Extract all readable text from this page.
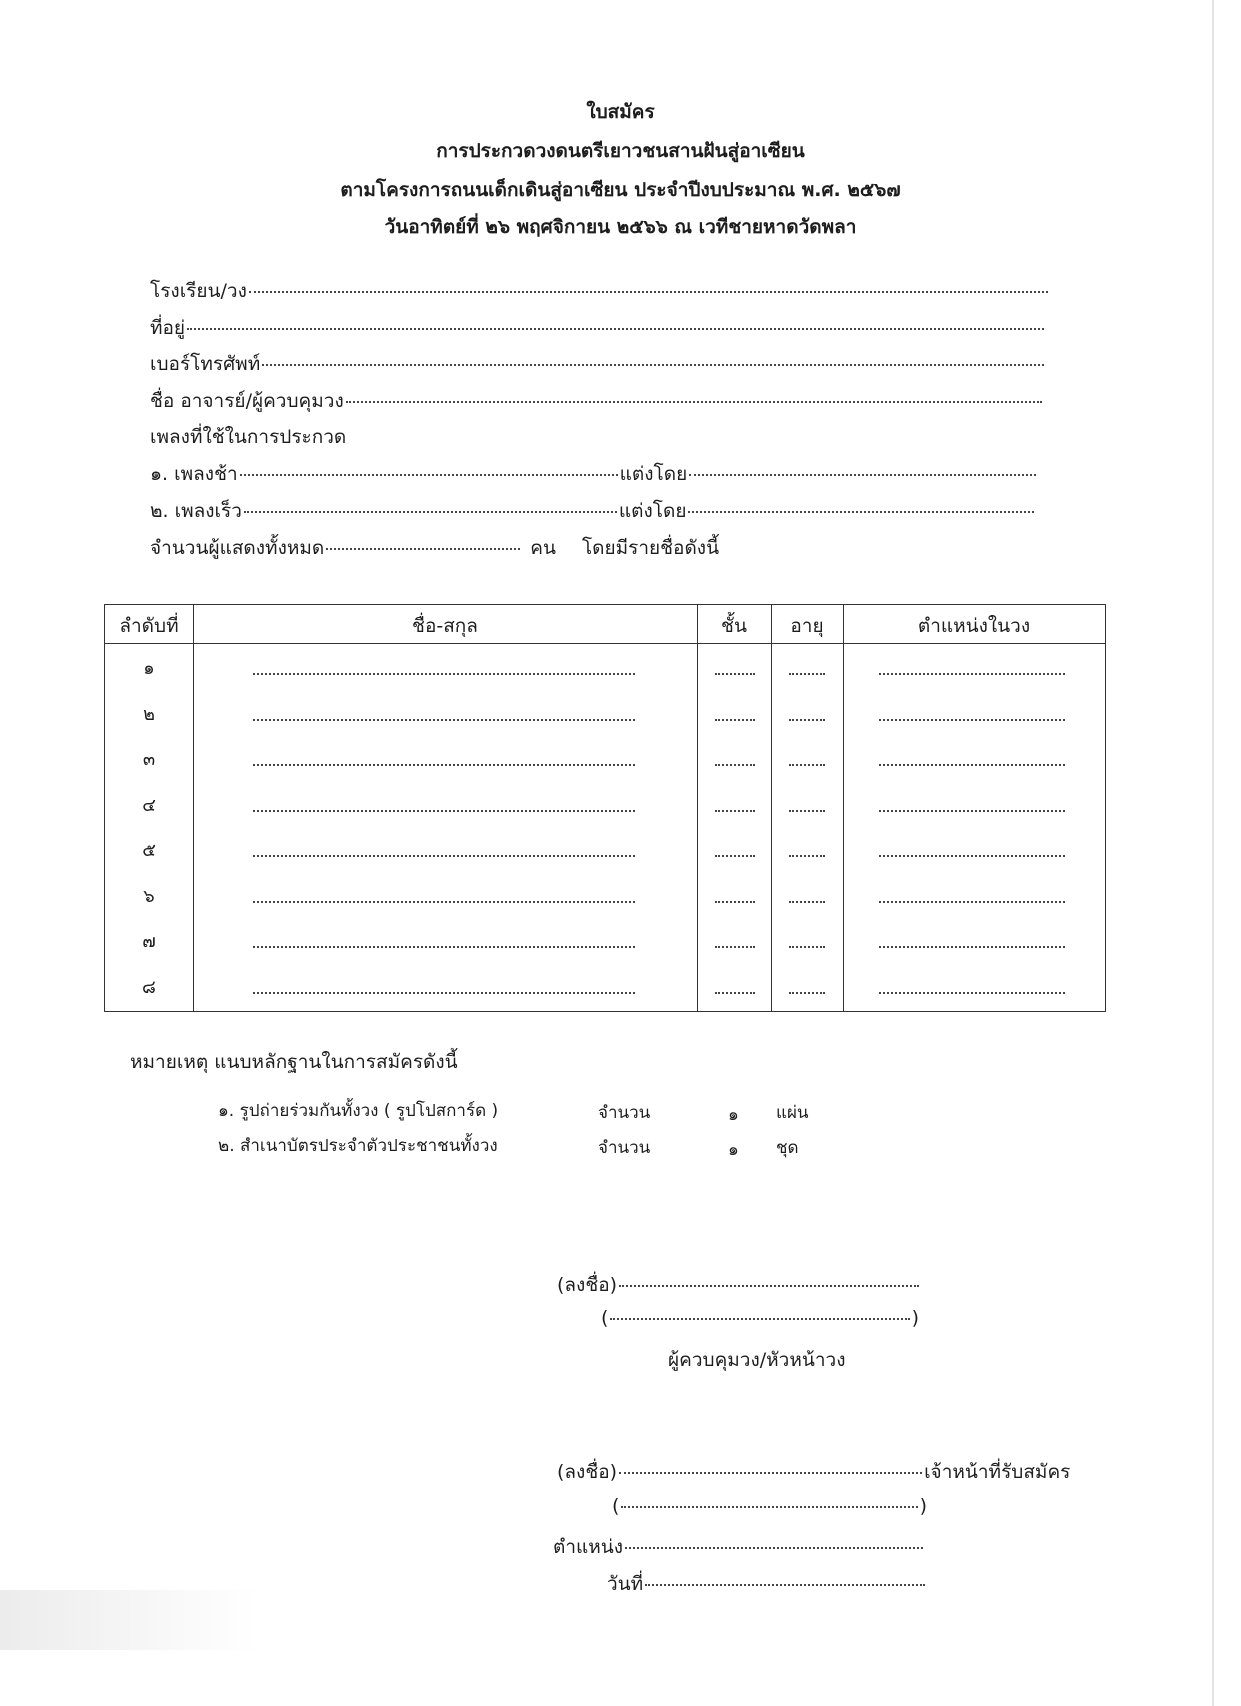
ใบสมัคร
การประกวดวงดนตรีเยาวชนสานฝันสู่อาเซียน
ตามโครงการถนนเด็กเดินสู่อาเซียน ประจำปีงบประมาณ พ.ศ. ๒๕๖๗
วันอาทิตย์ที่ ๒๖ พฤศจิกายน ๒๕๖๖ ณ เวทีชายหาดวัดพลา
โรงเรียน/วง
ที่อยู่
เบอร์โทรศัพท์
ชื่อ อาจารย์/ผู้ควบคุมวง
เพลงที่ใช้ในการประกวด
๑. เพลงช้า	แต่งโดย
๒. เพลงเร็ว	แต่งโดย
จำนวนผู้แสดงทั้งหมด	คน โดยมีรายชื่อดังนี้
ลำดับที่	ชื่อ-สกุล	ชั้น	อายุ	ตำแหน่งในวง
๑
๒
๓
๔
๕
๖
๗
๘
หมายเหตุ แนบหลักฐานในการสมัครดังนี้
๑. รูปถ่ายร่วมกันทั้งวง ( รูปโปสการ์ด )	จำนวน	๑ แผ่น
๒. สำเนาบัตรประจำตัวประชาชนทั้งวง	จำนวน	๑ ชุด
(ลงชื่อ)
(	)
ผู้ควบคุมวง/หัวหน้าวง
(ลงชื่อ)	เจ้าหน้าที่รับสมัคร
(	)
ตำแหน่ง
วันที่
